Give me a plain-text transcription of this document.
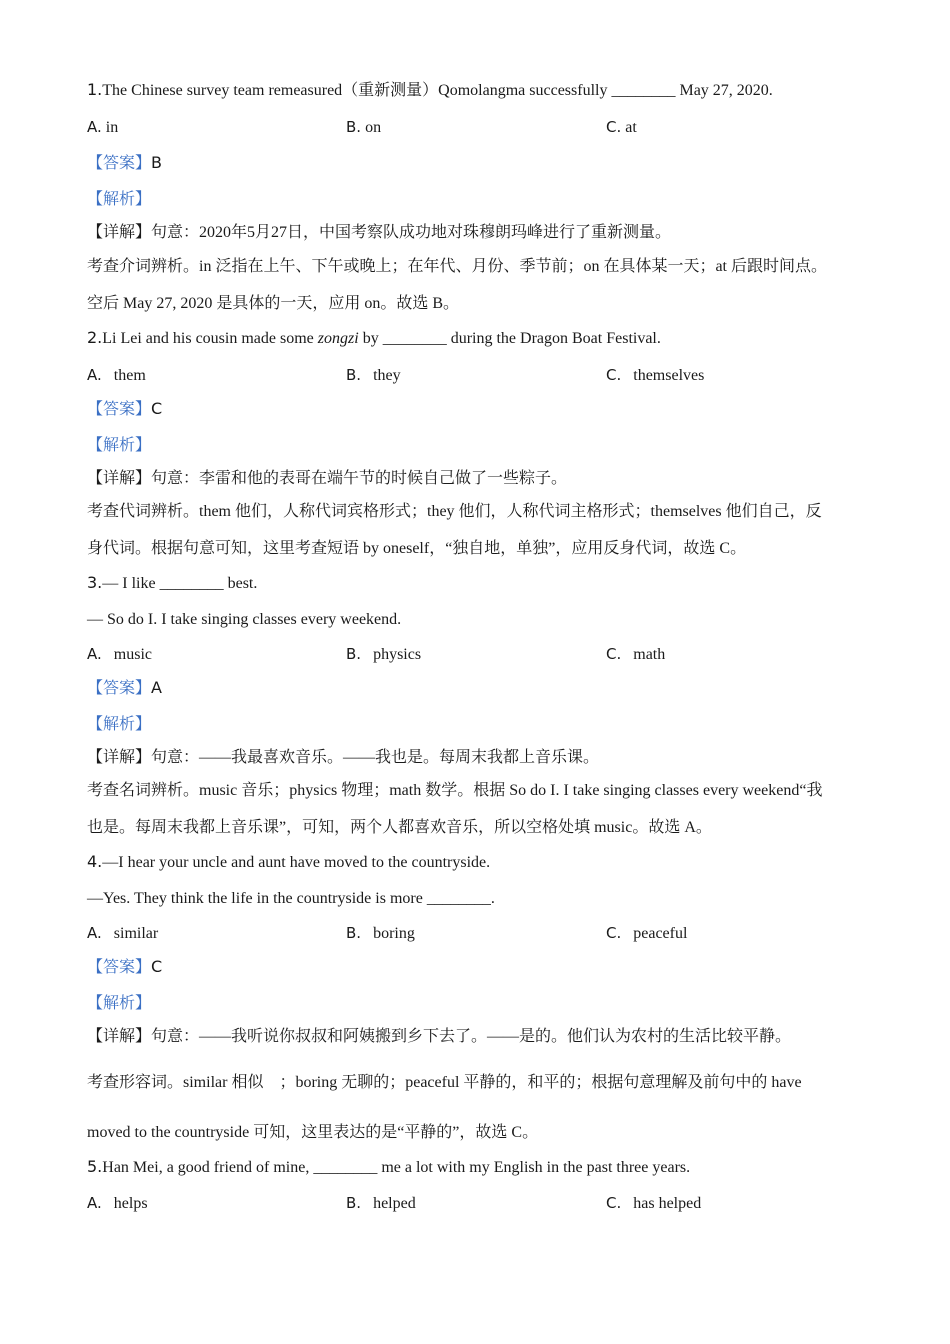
1.The Chinese survey team remeasured（重新测量）Qomolangma successfully ________ May 27, 2020.
A. in	B. on	C. at
【答案】B
【解析】
【详解】句意：2020年5月27日，中国考察队成功地对珠穆朗玛峰进行了重新测量。
考查介词辨析。in 泛指在上午、下午或晚上；在年代、月份、季节前；on 在具体某一天；at 后跟时间点。
空后 May 27, 2020 是具体的一天，应用 on。故选 B。
2.Li Lei and his cousin made some zongzi by ________ during the Dragon Boat Festival.
A. them	B. they	C. themselves
【答案】C
【解析】
【详解】句意：李雷和他的表哥在端午节的时候自己做了一些粽子。
考查代词辨析。them 他们，人称代词宾格形式；they 他们，人称代词主格形式；themselves 他们自己，反
身代词。根据句意可知，这里考查短语 by oneself，“独自地，单独”，应用反身代词，故选 C。
3.— I like ________ best.
— So do I. I take singing classes every weekend.
A. music	B. physics	C. math
【答案】A
【解析】
【详解】句意：——我最喜欢音乐。——我也是。每周末我都上音乐课。
考查名词辨析。music 音乐；physics 物理；math 数学。根据 So do I. I take singing classes every weekend“我
也是。每周末我都上音乐课”，可知，两个人都喜欢音乐，所以空格处填 music。故选 A。
4.—I hear your uncle and aunt have moved to the countryside.
—Yes. They think the life in the countryside is more ________.
A. similar	B. boring	C. peaceful
【答案】C
【解析】
【详解】句意：——我听说你叔叔和阿姨搬到乡下去了。——是的。他们认为农村的生活比较平静。
考查形容词。similar 相似　；boring 无聊的；peaceful 平静的，和平的；根据句意理解及前句中的 have
moved to the countryside 可知，这里表达的是“平静的”，故选 C。
5.Han Mei, a good friend of mine, ________ me a lot with my English in the past three years.
A. helps	B. helped	C. has helped
